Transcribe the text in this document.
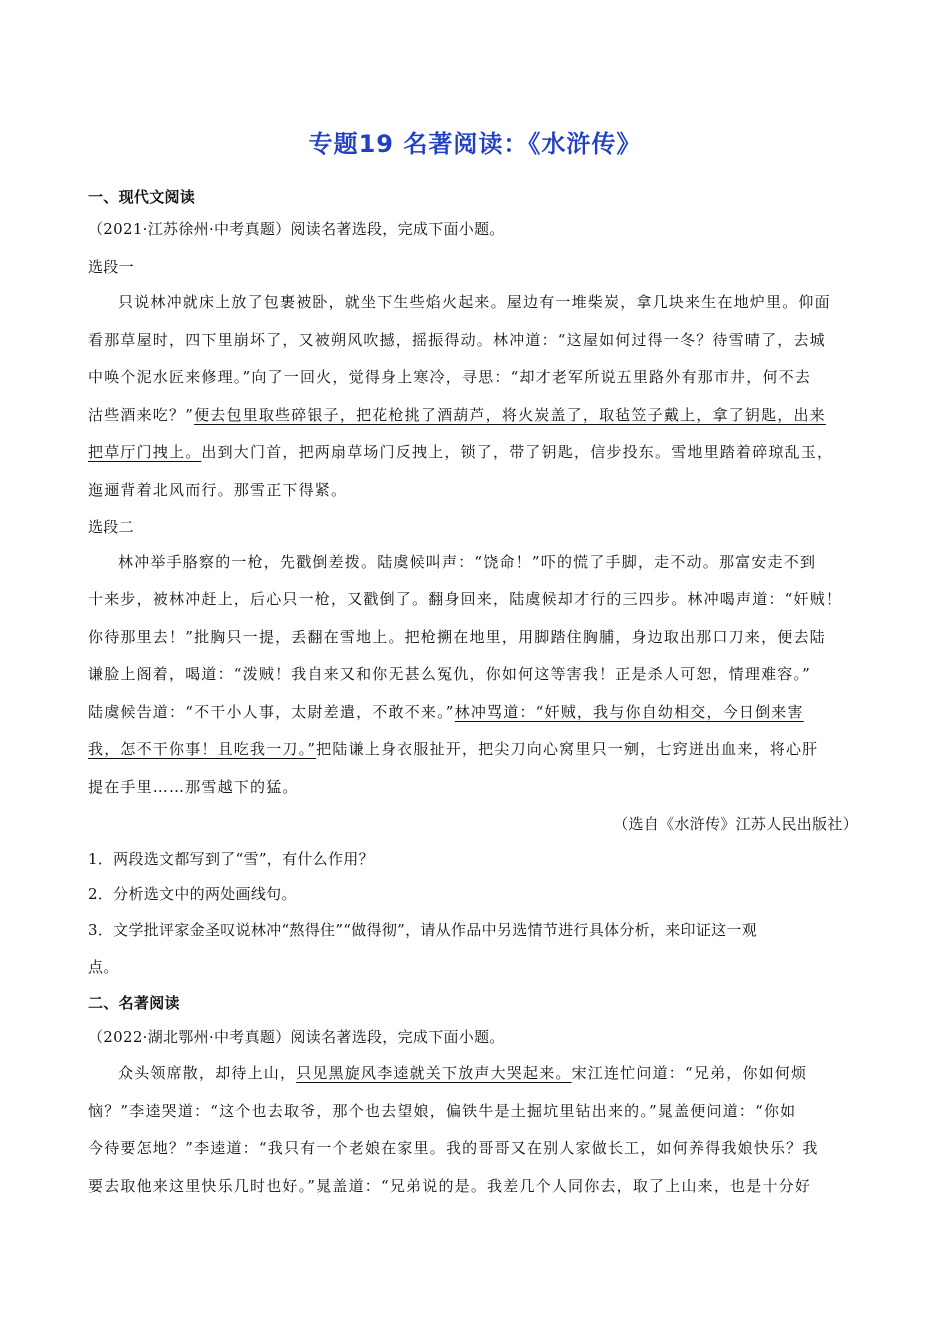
专题19 名著阅读：《水浒传》
一、现代文阅读
（2021·江苏徐州·中考真题）阅读名著选段，完成下面小题。
选段一
只说林冲就床上放了包裹被卧，就坐下生些焰火起来。屋边有一堆柴炭，拿几块来生在地炉里。仰面
看那草屋时，四下里崩坏了，又被朔风吹撼，摇振得动。林冲道：“这屋如何过得一冬？待雪晴了，去城
中唤个泥水匠来修理。”向了一回火，觉得身上寒冷，寻思：“却才老军所说五里路外有那市井，何不去
沽些酒来吃？”便去包里取些碎银子，把花枪挑了酒葫芦，将火炭盖了，取毡笠子戴上，拿了钥匙，出来
把草厅门拽上。出到大门首，把两扇草场门反拽上，锁了，带了钥匙，信步投东。雪地里踏着碎琼乱玉，
迤逦背着北风而行。那雪正下得紧。
选段二
林冲举手胳察的一枪，先戳倒差拨。陆虞候叫声：“饶命！”吓的慌了手脚，走不动。那富安走不到
十来步，被林冲赶上，后心只一枪，又戳倒了。翻身回来，陆虞候却才行的三四步。林冲喝声道：“奸贼！
你待那里去！”批胸只一提，丢翻在雪地上。把枪搠在地里，用脚踏住胸脯，身边取出那口刀来，便去陆
谦脸上阁着，喝道：“泼贼！我自来又和你无甚么冤仇，你如何这等害我！正是杀人可恕，情理难容。”
陆虞候告道：“不干小人事，太尉差遣，不敢不来。”林冲骂道：“奸贼，我与你自幼相交，今日倒来害
我，怎不干你事！且吃我一刀。”把陆谦上身衣服扯开，把尖刀向心窝里只一剜，七窍迸出血来，将心肝
提在手里……那雪越下的猛。
（选自《水浒传》江苏人民出版社）
1．两段选文都写到了“雪”，有什么作用？
2．分析选文中的两处画线句。
3．文学批评家金圣叹说林冲“熬得住”“做得彻”，请从作品中另选情节进行具体分析，来印证这一观
点。
二、名著阅读
（2022·湖北鄂州·中考真题）阅读名著选段，完成下面小题。
众头领席散，却待上山，只见黑旋风李逵就关下放声大哭起来。宋江连忙问道：“兄弟，你如何烦
恼？”李逵哭道：“这个也去取爷，那个也去望娘，偏铁牛是土掘坑里钻出来的。”晁盖便问道：“你如
今待要怎地？”李逵道：“我只有一个老娘在家里。我的哥哥又在别人家做长工，如何养得我娘快乐？我
要去取他来这里快乐几时也好。”晁盖道：“兄弟说的是。我差几个人同你去，取了上山来，也是十分好
